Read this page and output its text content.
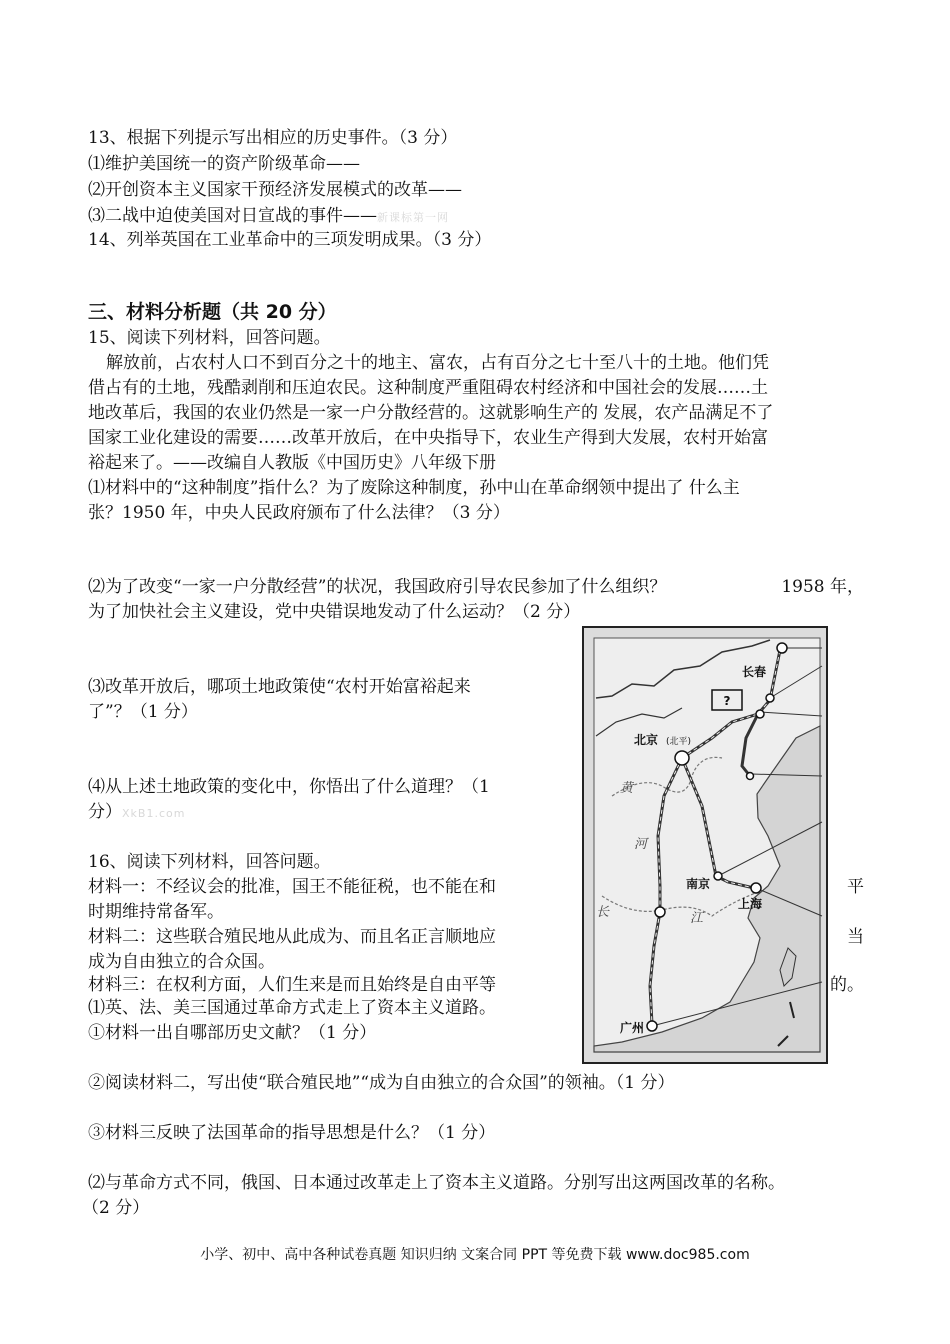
13、根据下列提示写出相应的历史事件。（3 分）
⑴维护美国统一的资产阶级革命——
⑵开创资本主义国家干预经济发展模式的改革——
⑶二战中迫使美国对日宣战的事件——新课标第一网
14、列举英国在工业革命中的三项发明成果。（3 分）
三、材料分析题（共 20 分）
15、阅读下列材料，回答问题。
解放前，占农村人口不到百分之十的地主、富农，占有百分之七十至八十的土地。他们凭
借占有的土地，残酷剥削和压迫农民。这种制度严重阻碍农村经济和中国社会的发展……土
地改革后，我国的农业仍然是一家一户分散经营的。这就影响生产的 发展，农产品满足不了
国家工业化建设的需要……改革开放后，在中央指导下，农业生产得到大发展，农村开始富
裕起来了。——改编自人教版《中国历史》八年级下册
⑴材料中的“这种制度”指什么？为了废除这种制度，孙中山在革命纲领中提出了 什么主
张？1950 年，中央人民政府颁布了什么法律？（3 分）
⑵为了改变“一家一户分散经营”的状况，我国政府引导农民参加了什么组织？	1958 年，
为了加快社会主义建设，党中央错误地发动了什么运动？（2 分）
⑶改革开放后，哪项土地政策使“农村开始富裕起来
了”？（1 分）
⑷从上述土地政策的变化中，你悟出了什么道理？（1
分）XkB1.com
16、阅读下列材料，回答问题。
材料一：不经议会的批准，国王不能征税，也不能在和	平
时期维持常备军。
材料二：这些联合殖民地从此成为、而且名正言顺地应	当
成为自由独立的合众国。
材料三：在权利方面，人们生来是而且始终是自由平等	的。
⑴英、法、美三国通过革命方式走上了资本主义道路。
①材料一出自哪部历史文献？（1 分）
②阅读材料二，写出使“联合殖民地”“成为自由独立的合众国”的领袖。（1 分）
③材料三反映了法国革命的指导思想是什么？（1 分）
⑵与革命方式不同，俄国、日本通过改革走上了资本主义道路。分别写出这两国改革的名称。
（2 分）
?
长春
北京 (北平)
南京
上海
广州
黄
河
长	江
小学、初中、高中各种试卷真题 知识归纳 文案合同 PPT 等免费下载 www.doc985.com
